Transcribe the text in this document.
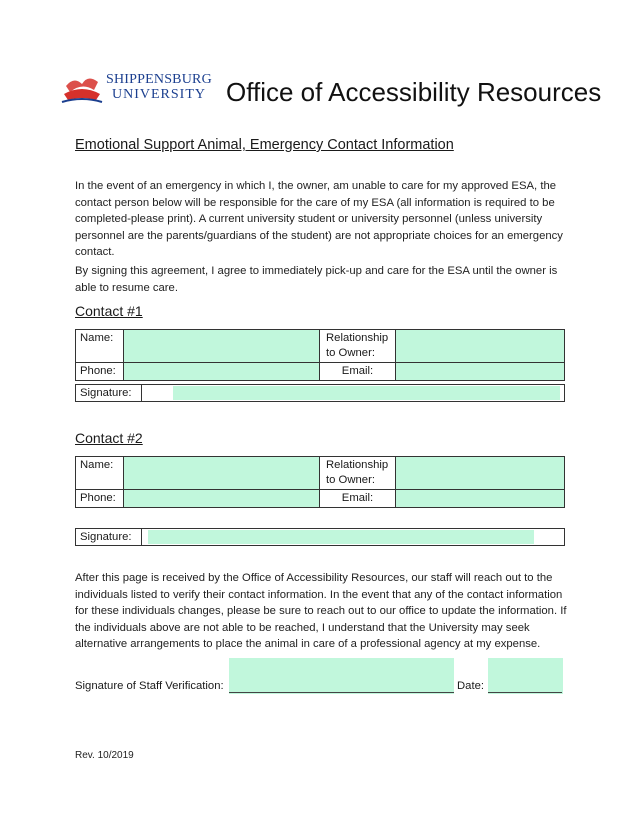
SHIPPENSBURG
UNIVERSITY Office of Accessibility Resources
Emotional Support Animal, Emergency Contact Information
In the event of an emergency in which I, the owner, am unable to care for my approved ESA, the contact person below will be responsible for the care of my ESA (all information is required to be completed-please print). A current university student or university personnel (unless university personnel are the parents/guardians of the student) are not appropriate choices for an emergency contact.
By signing this agreement, I agree to immediately pick-up and care for the ESA until the owner is able to resume care.
Contact #1
Name:		Relationship to Owner:	
Phone:		Email:	
Signature:
Contact #2
Name:		Relationship to Owner:	
Phone:		Email:	
Signature:
After this page is received by the Office of Accessibility Resources, our staff will reach out to the individuals listed to verify their contact information. In the event that any of the contact information for these individuals changes, please be sure to reach out to our office to update the information. If the individuals above are not able to be reached, I understand that the University may seek alternative arrangements to place the animal in care of a professional agency at my expense.
Signature of Staff Verification:	Date:
Rev. 10/2019
